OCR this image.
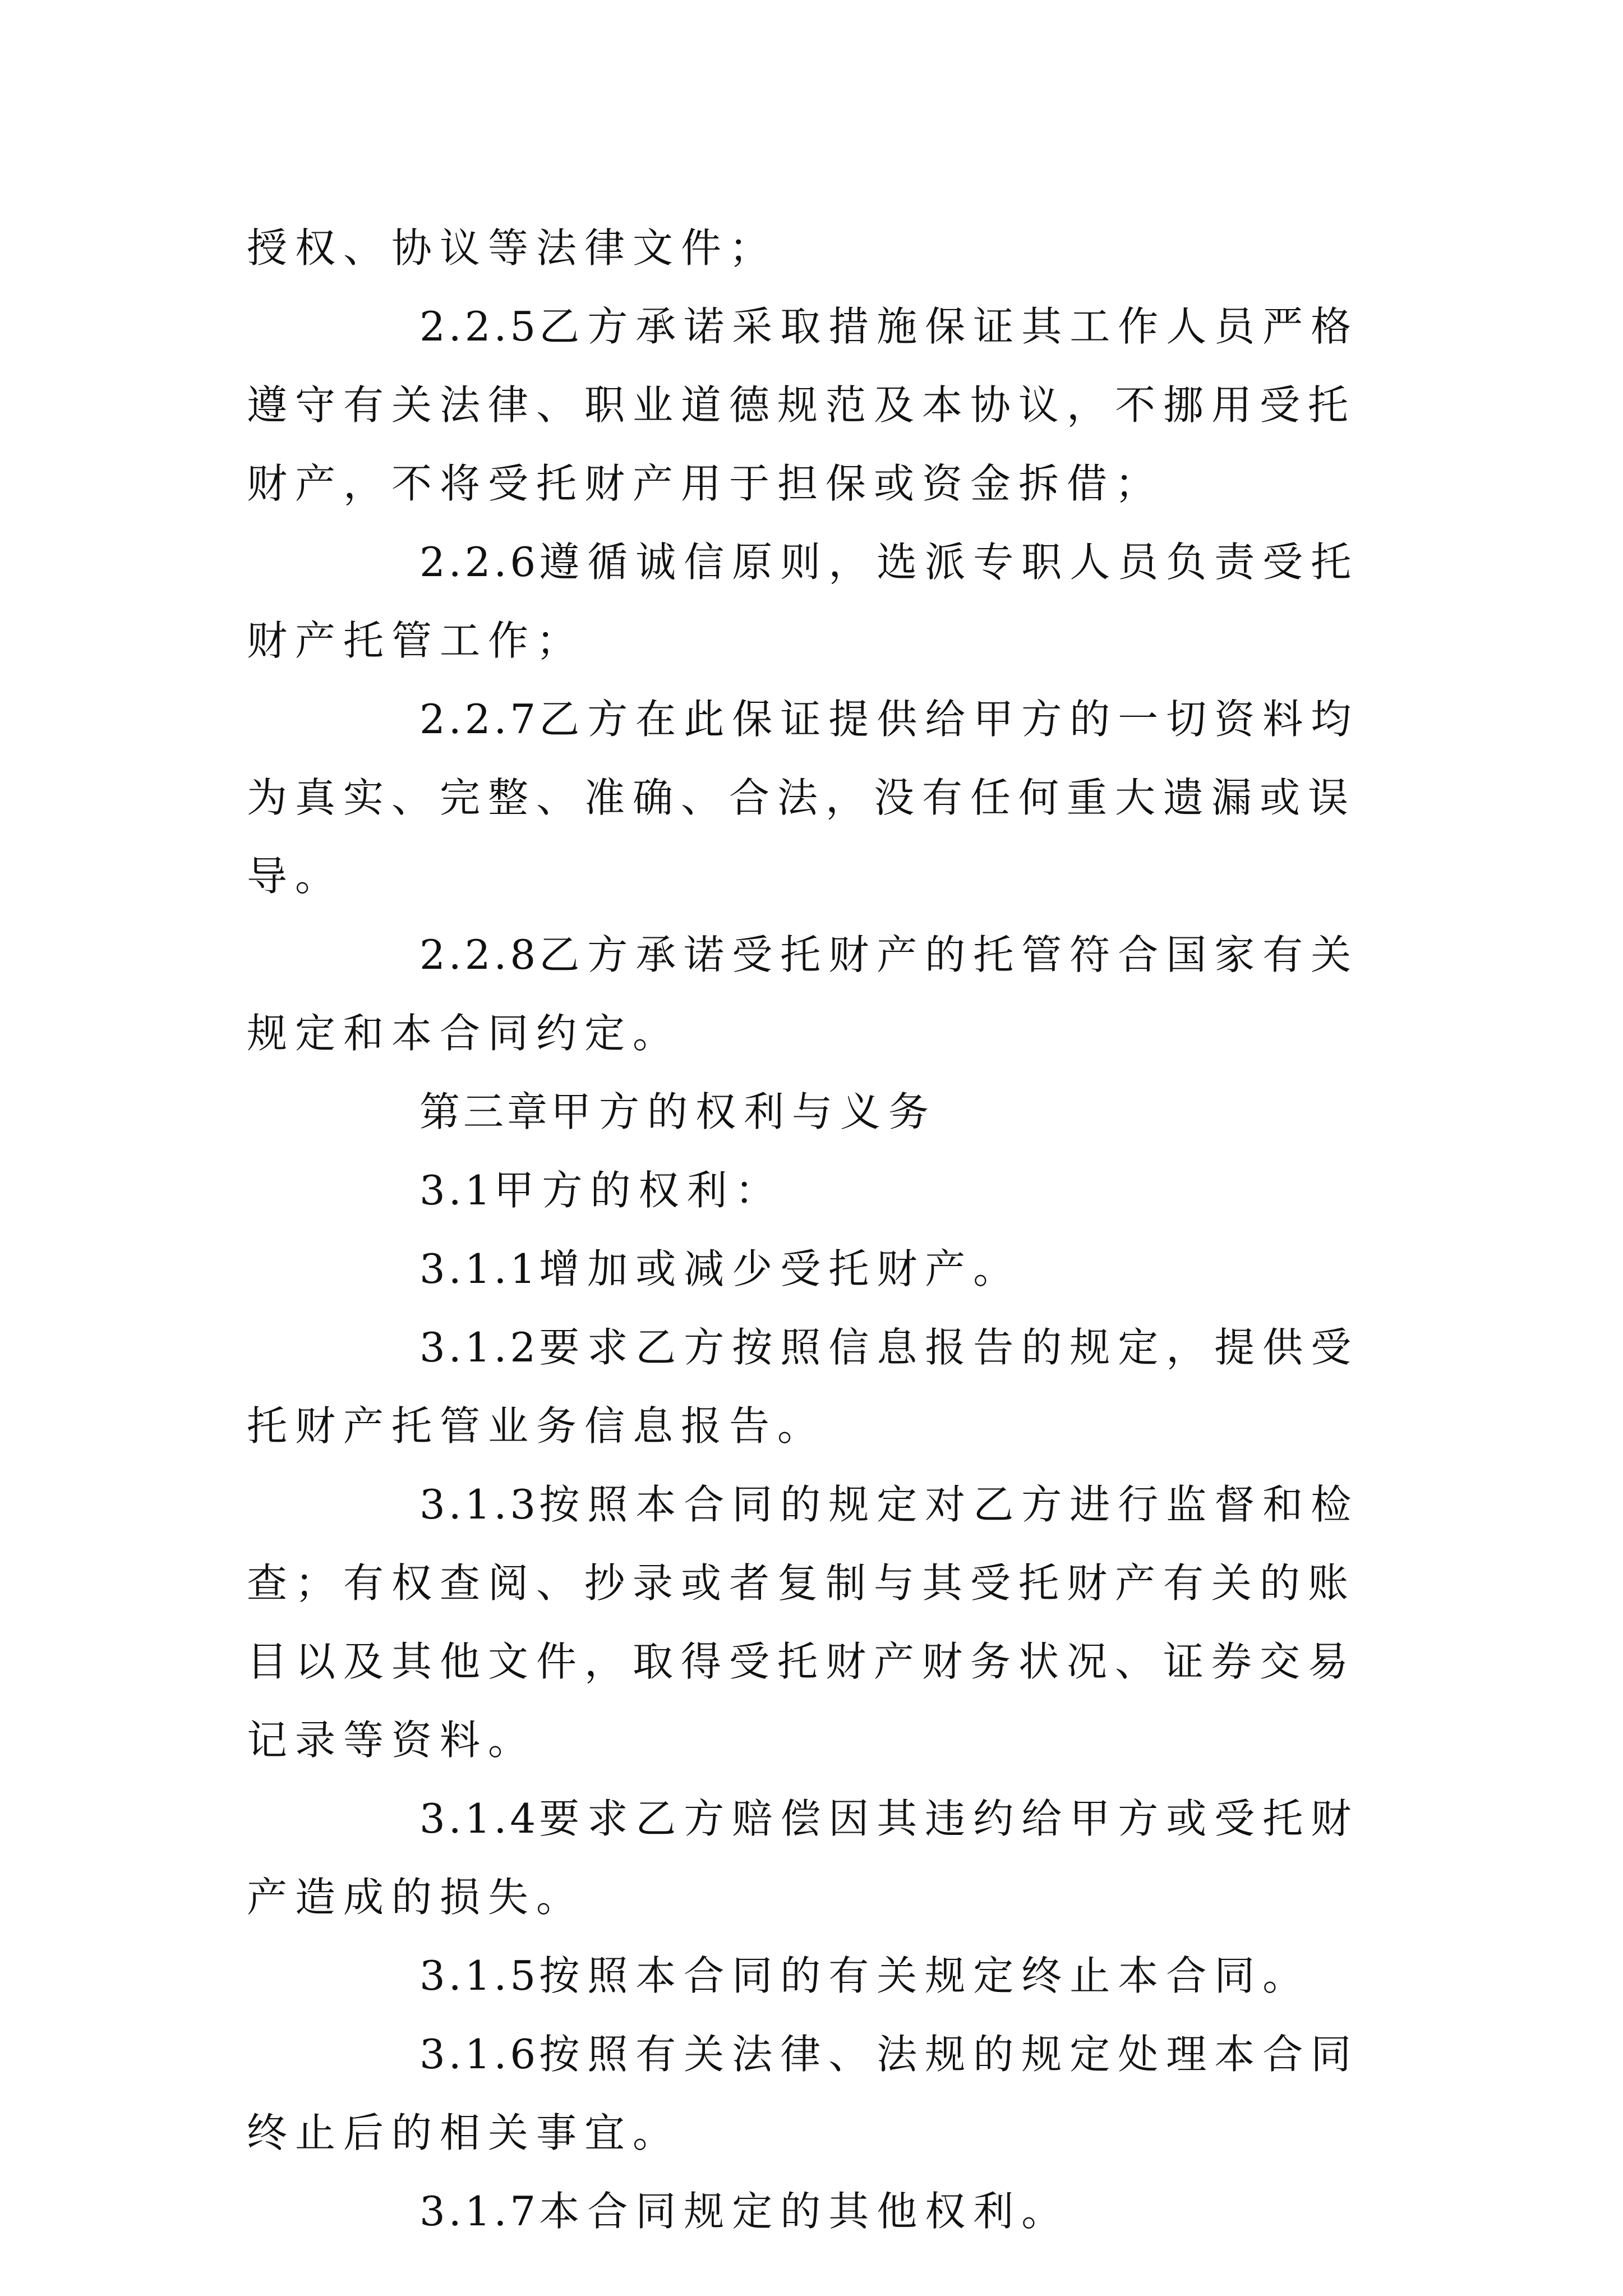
授权、协议等法律文件；

2.2.5乙方承诺采取措施保证其工作人员严格遵守有关法律、职业道德规范及本协议，不挪用受托财产，不将受托财产用于担保或资金拆借；

2.2.6遵循诚信原则，选派专职人员负责受托财产托管工作；

2.2.7乙方在此保证提供给甲方的一切资料均为真实、完整、准确、合法，没有任何重大遗漏或误导。

2.2.8乙方承诺受托财产的托管符合国家有关规定和本合同约定。

第三章甲方的权利与义务

3.1甲方的权利：

3.1.1增加或减少受托财产。

3.1.2要求乙方按照信息报告的规定，提供受托财产托管业务信息报告。

3.1.3按照本合同的规定对乙方进行监督和检查；有权查阅、抄录或者复制与其受托财产有关的账目以及其他文件，取得受托财产财务状况、证券交易记录等资料。

3.1.4要求乙方赔偿因其违约给甲方或受托财产造成的损失。

3.1.5按照本合同的有关规定终止本合同。

3.1.6按照有关法律、法规的规定处理本合同终止后的相关事宜。

3.1.7本合同规定的其他权利。
